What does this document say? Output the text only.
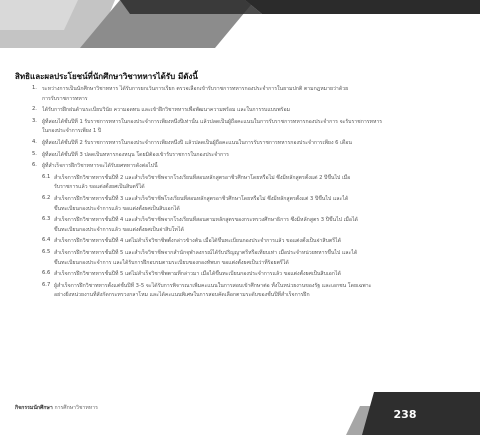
สิทธิและผลประโยชน์ที่นักศึกษาวิชาทหารได้รับ มีดังนี้
1. ระหว่างการเป็นนักศึกษาวิชาทหาร ได้รับการยกเว้นการเรียก ตรวจเลือกเข้ารับราชการทหารกองประจำการในยามปกติ ตามกฎหมายว่าด้วย
การรับราชการทหาร
2. ได้รับการฝึกฝนด้านระเบียบวินัย ความอดทน และเข้าฝึกวิชาทหารเพื่อพัฒนาความพร้อม และในการรบแบบพร้อม
3. ผู้ที่สอบได้ชั้นปีที่ 1 รับราชการทหารในกองประจำการเพียงหนึ่งปีเท่านั้น แล้วปลดเป็นผู้ถือคะแนนในการรับราชการทหารกองประจำการ จะรับราชการทหาร
ในกองประจำการเพียง 1 ปี
4. ผู้ที่สอบได้ชั้นปีที่ 2 รับราชการทหารในกองประจำการเพียงหนึ่งปี แล้วปลดเป็นผู้ถือคะแนนในการรับราชการทหารกองประจำการเพียง 6 เดือน
5. ผู้ที่สอบได้ชั้นปีที่ 3 ปลดเป็นทหารกองหนุน โดยมิต้องเข้ารับราชการในกองประจำการ
6. ผู้ที่สำเร็จการฝึกวิชาทหารจะได้รับยศทหารดังต่อไปนี้
6.1 สำเร็จการฝึกวิชาทหารชั้นปีที่ 2 และสำเร็จวิชาชีพจากโรงเรียนที่สอนหลักสูตรอาชีวศึกษาโดยหรือไม่ ซึ่งมีหลักสูตรตั้งแต่ 2 ปีขึ้นไป เมื่อ
รับราชการแล้ว ขอแต่งตั้งยศเป็นสิบตรีได้
6.2 สำเร็จการฝึกวิชาทหารชั้นปีที่ 3 และสำเร็จวิชาชีพโรงเรียนที่สอนหลักสูตรอาชีวศึกษาโดยหรือไม่ ซึ่งมีหลักสูตรตั้งแต่ 3 ปีขึ้นไป และได้
ขึ้นทะเบียนกองประจำการแล้ว ขอแต่งตั้งยศเป็นสิบเอกได้
6.3 สำเร็จการฝึกวิชาทหารชั้นปีที่ 4 และสำเร็จวิชาชีพจากโรงเรียนที่สอนตามหลักสูตรของกระทรวงศึกษาธิการ ซึ่งมีหลักสูตร 3 ปีขึ้นไป เมื่อได้
ขึ้นทะเบียนกองประจำการแล้ว ขอแต่งตั้งยศเป็นจ่าสิบโทได้
6.4 สำเร็จการฝึกวิชาทหารชั้นปีที่ 4 แต่ไม่สำเร็จวิชาชีพตั้งกล่าวข้างต้น เมื่อได้ขึ้นทะเบียนกองประจำการแล้ว ขอแต่งตั้งเป็นจ่าสิบตรีได้
6.5 สำเร็จการฝึกวิชาทหารชั้นปีที่ 5 และสำเร็จวิชาชีพจากสำนักจุฬาลงกรณ์ได้รับปริญญาตรีหรือเทียบเท่า เมื่อประจำหน่วยทหารขึ้นไป และได้
ขึ้นทะเบียนกองประจำการ และได้รับการฝึกอบรมตามระเบียบของกองทัพบก ขอแต่งตั้งยศเป็นว่าที่ร้อยตรีได้
6.6 สำเร็จการฝึกวิชาทหารชั้นปีที่ 5 แต่ไม่สำเร็จวิชาชีพตามที่กล่าวมา เมื่อได้ขึ้นทะเบียนกองประจำการแล้ว ขอแต่งตั้งยศเป็นสิบเอกได้
6.7 ผู้สำเร็จการฝึกวิชาทหารตั้งแต่ชั้นปีที่ 3-5 จะได้รับการพิจารณาเพิ่มคะแนนในการสอบเข้าศึกษาต่อ ทั้งในหน่วยงานของรัฐ และเอกชน โดยเฉพาะ
อย่างยิ่งหน่วยงานที่สังกัดกระทรวงกลาโหม และได้คะแนนพิเศษในการสอบคัดเลือกตามระดับของชั้นปีที่สำเร็จการฝึก
กิจกรรมนักศึกษา การศึกษาวิชาทหาร	238
